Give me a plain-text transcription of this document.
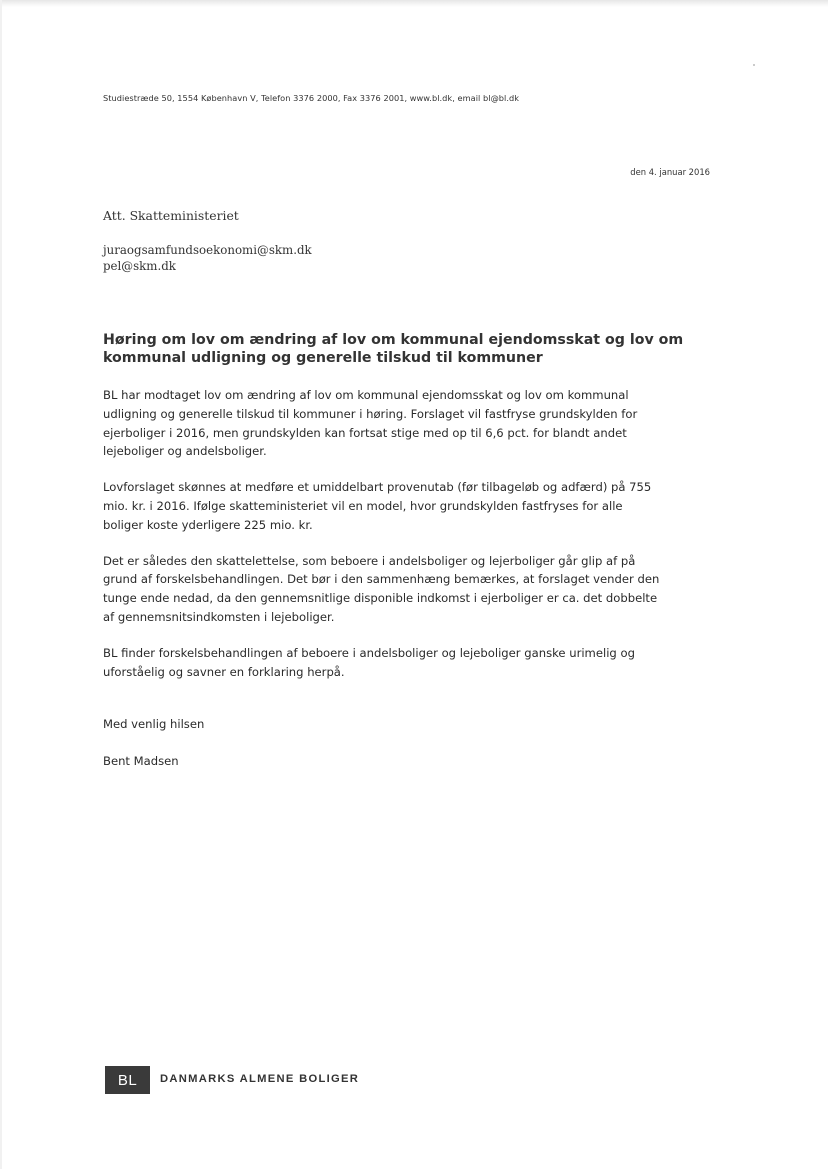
Studiestræde 50, 1554 København V, Telefon 3376 2000, Fax 3376 2001, www.bl.dk, email bl@bl.dk
den 4. januar 2016
Att. Skatteministeriet
juraogsamfundsoekonomi@skm.dk
pel@skm.dk
Høring om lov om ændring af lov om kommunal ejendomsskat og lov om
kommunal udligning og generelle tilskud til kommuner

BL har modtaget lov om ændring af lov om kommunal ejendomsskat og lov om kommunal
udligning og generelle tilskud til kommuner i høring. Forslaget vil fastfryse grundskylden for
ejerboliger i 2016, men grundskylden kan fortsat stige med op til 6,6 pct. for blandt andet
lejeboliger og andelsboliger.

Lovforslaget skønnes at medføre et umiddelbart provenutab (før tilbageløb og adfærd) på 755
mio. kr. i 2016. Ifølge skatteministeriet vil en model, hvor grundskylden fastfryses for alle
boliger koste yderligere 225 mio. kr.

Det er således den skattelettelse, som beboere i andelsboliger og lejerboliger går glip af på
grund af forskelsbehandlingen. Det bør i den sammenhæng bemærkes, at forslaget vender den
tunge ende nedad, da den gennemsnitlige disponible indkomst i ejerboliger er ca. det dobbelte
af gennemsnitsindkomsten i lejeboliger.

BL finder forskelsbehandlingen af beboere i andelsboliger og lejeboliger ganske urimelig og
uforståelig og savner en forklaring herpå.

Med venlig hilsen
Bent Madsen
BL DANMARKS ALMENE BOLIGER
